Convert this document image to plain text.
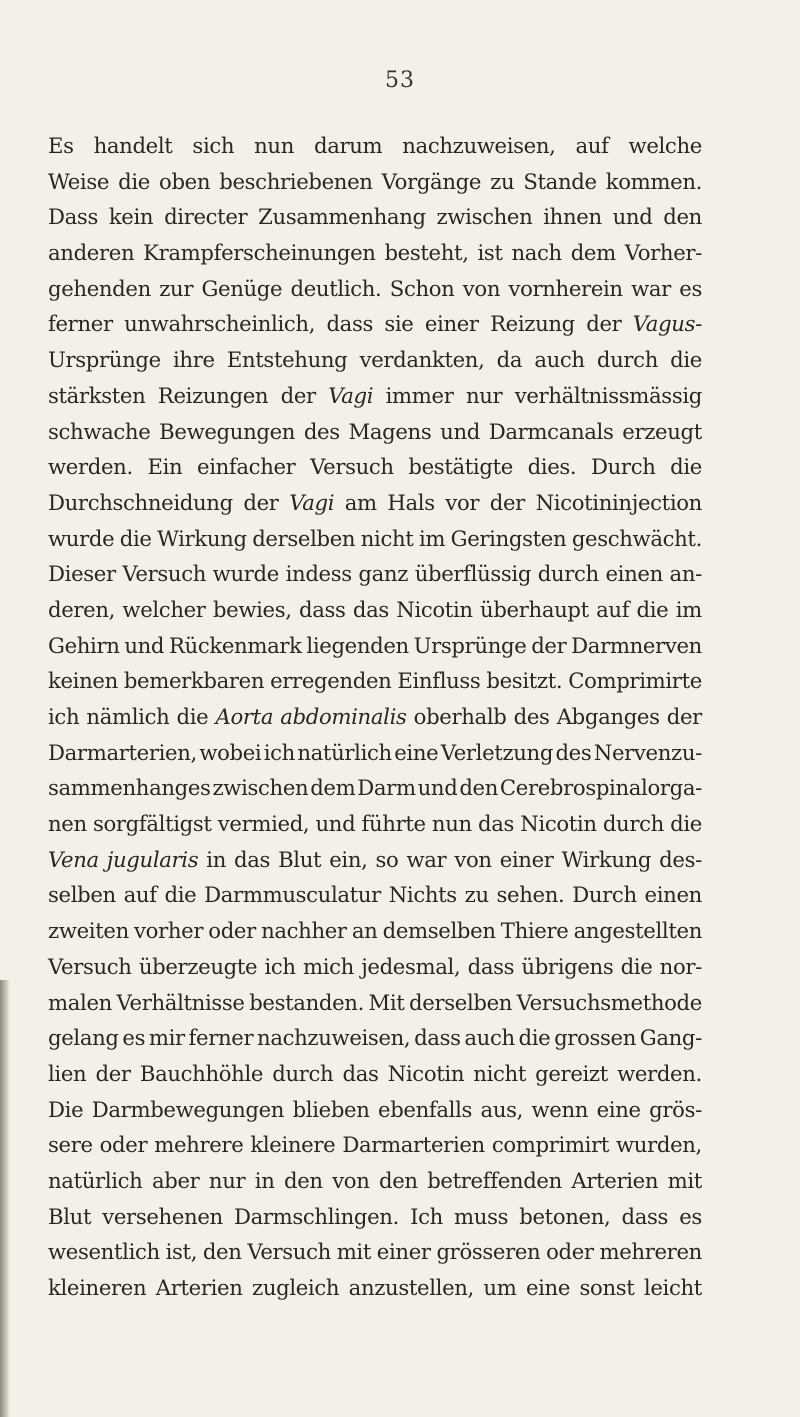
53
Es handelt sich nun darum nachzuweisen, auf welche
Weise die oben beschriebenen Vorgänge zu Stande kommen.
Dass kein directer Zusammenhang zwischen ihnen und den
anderen Krampferscheinungen besteht, ist nach dem Vorher-
gehenden zur Genüge deutlich. Schon von vornherein war es
ferner unwahrscheinlich, dass sie einer Reizung der Vagus-
Ursprünge ihre Entstehung verdankten, da auch durch die
stärksten Reizungen der Vagi immer nur verhältnissmässig
schwache Bewegungen des Magens und Darmcanals erzeugt
werden. Ein einfacher Versuch bestätigte dies. Durch die
Durchschneidung der Vagi am Hals vor der Nicotininjection
wurde die Wirkung derselben nicht im Geringsten geschwächt.
Dieser Versuch wurde indess ganz überflüssig durch einen an-
deren, welcher bewies, dass das Nicotin überhaupt auf die im
Gehirn und Rückenmark liegenden Ursprünge der Darmnerven
keinen bemerkbaren erregenden Einfluss besitzt. Comprimirte
ich nämlich die Aorta abdominalis oberhalb des Abganges der
Darmarterien, wobei ich natürlich eine Verletzung des Nervenzu-
sammenhanges zwischen dem Darm und den Cerebrospinalorga-
nen sorgfältigst vermied, und führte nun das Nicotin durch die
Vena jugularis in das Blut ein, so war von einer Wirkung des-
selben auf die Darmmusculatur Nichts zu sehen. Durch einen
zweiten vorher oder nachher an demselben Thiere angestellten
Versuch überzeugte ich mich jedesmal, dass übrigens die nor-
malen Verhältnisse bestanden. Mit derselben Versuchsmethode
gelang es mir ferner nachzuweisen, dass auch die grossen Gang-
lien der Bauchhöhle durch das Nicotin nicht gereizt werden.
Die Darmbewegungen blieben ebenfalls aus, wenn eine grös-
sere oder mehrere kleinere Darmarterien comprimirt wurden,
natürlich aber nur in den von den betreffenden Arterien mit
Blut versehenen Darmschlingen. Ich muss betonen, dass es
wesentlich ist, den Versuch mit einer grösseren oder mehreren
kleineren Arterien zugleich anzustellen, um eine sonst leicht
